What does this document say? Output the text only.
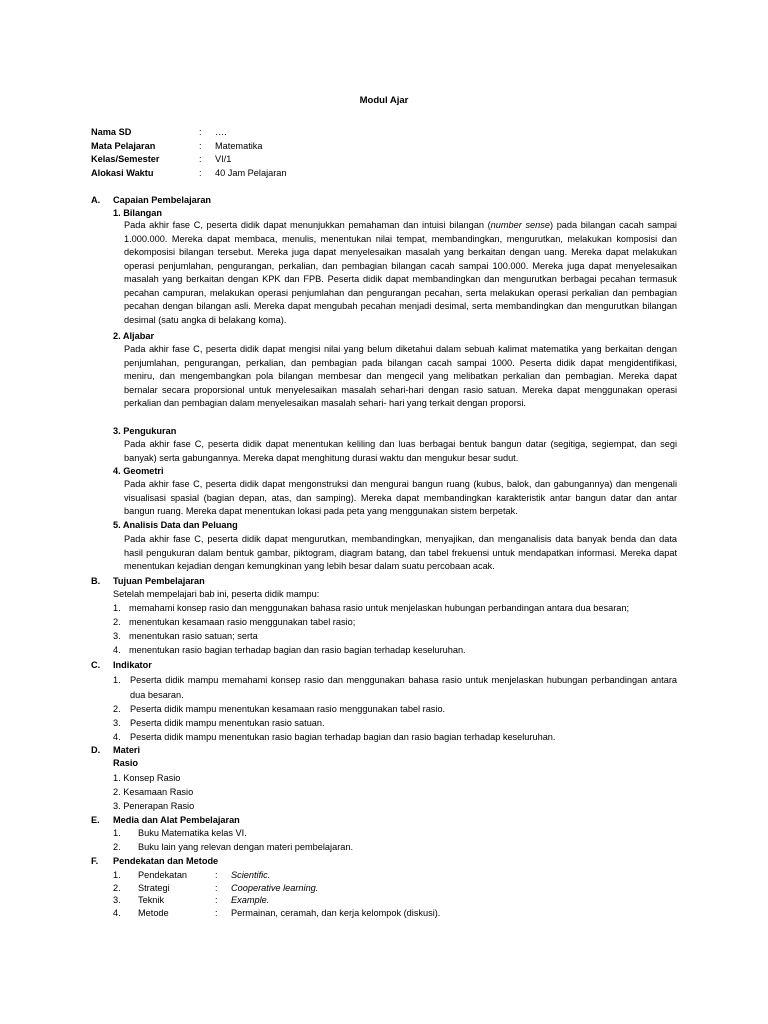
Modul Ajar
Nama SD	: ….
Mata Pelajaran	: Matematika
Kelas/Semester	: VI/1
Alokasi Waktu	: 40 Jam Pelajaran
A. Capaian Pembelajaran
1. Bilangan
Pada akhir fase C, peserta didik dapat menunjukkan pemahaman dan intuisi bilangan (number sense) pada bilangan cacah sampai 1.000.000. Mereka dapat membaca, menulis, menentukan nilai tempat, membandingkan, mengurutkan, melakukan komposisi dan dekomposisi bilangan tersebut. Mereka juga dapat menyelesaikan masalah yang berkaitan dengan uang. Mereka dapat melakukan operasi penjumlahan, pengurangan, perkalian, dan pembagian bilangan cacah sampai 100.000. Mereka juga dapat menyelesaikan masalah yang berkaitan dengan KPK dan FPB. Peserta didik dapat membandingkan dan mengurutkan berbagai pecahan termasuk pecahan campuran, melakukan operasi penjumlahan dan pengurangan pecahan, serta melakukan operasi perkalian dan pembagian pecahan dengan bilangan asli. Mereka dapat mengubah pecahan menjadi desimal, serta membandingkan dan mengurutkan bilangan desimal (satu angka di belakang koma).
2. Aljabar
Pada akhir fase C, peserta didik dapat mengisi nilai yang belum diketahui dalam sebuah kalimat matematika yang berkaitan dengan penjumlahan, pengurangan, perkalian, dan pembagian pada bilangan cacah sampai 1000. Peserta didik dapat mengidentifikasi, meniru, dan mengembangkan pola bilangan membesar dan mengecil yang melibatkan perkalian dan pembagian. Mereka dapat bernalar secara proporsional untuk menyelesaikan masalah sehari-hari dengan rasio satuan. Mereka dapat menggunakan operasi perkalian dan pembagian dalam menyelesaikan masalah sehari- hari yang terkait dengan proporsi.
3. Pengukuran
Pada akhir fase C, peserta didik dapat menentukan keliling dan luas berbagai bentuk bangun datar (segitiga, segiempat, dan segi banyak) serta gabungannya. Mereka dapat menghitung durasi waktu dan mengukur besar sudut.
4. Geometri
Pada akhir fase C, peserta didik dapat mengonstruksi dan mengurai bangun ruang (kubus, balok, dan gabungannya) dan mengenali visualisasi spasial (bagian depan, atas, dan samping). Mereka dapat membandingkan karakteristik antar bangun datar dan antar bangun ruang. Mereka dapat menentukan lokasi pada peta yang menggunakan sistem berpetak.
5. Analisis Data dan Peluang
Pada akhir fase C, peserta didik dapat mengurutkan, membandingkan, menyajikan, dan menganalisis data banyak benda dan data hasil pengukuran dalam bentuk gambar, piktogram, diagram batang, dan tabel frekuensi untuk mendapatkan informasi. Mereka dapat menentukan kejadian dengan kemungkinan yang lebih besar dalam suatu percobaan acak.
B. Tujuan Pembelajaran
Setelah mempelajari bab ini, peserta didik mampu:
1. memahami konsep rasio dan menggunakan bahasa rasio untuk menjelaskan hubungan perbandingan antara dua besaran;
2. menentukan kesamaan rasio menggunakan tabel rasio;
3. menentukan rasio satuan; serta
4. menentukan rasio bagian terhadap bagian dan rasio bagian terhadap keseluruhan.
C. Indikator
1. Peserta didik mampu memahami konsep rasio dan menggunakan bahasa rasio untuk menjelaskan hubungan perbandingan antara dua besaran.
2. Peserta didik mampu menentukan kesamaan rasio menggunakan tabel rasio.
3. Peserta didik mampu menentukan rasio satuan.
4. Peserta didik mampu menentukan rasio bagian terhadap bagian dan rasio bagian terhadap keseluruhan.
D. Materi
Rasio
1. Konsep Rasio
2. Kesamaan Rasio
3. Penerapan Rasio
E. Media dan Alat Pembelajaran
1. Buku Matematika kelas VI.
2. Buku lain yang relevan dengan materi pembelajaran.
F. Pendekatan dan Metode
1. Pendekatan	: Scientific.
2. Strategi	: Cooperative learning.
3. Teknik	: Example.
4. Metode	: Permainan, ceramah, dan kerja kelompok (diskusi).
